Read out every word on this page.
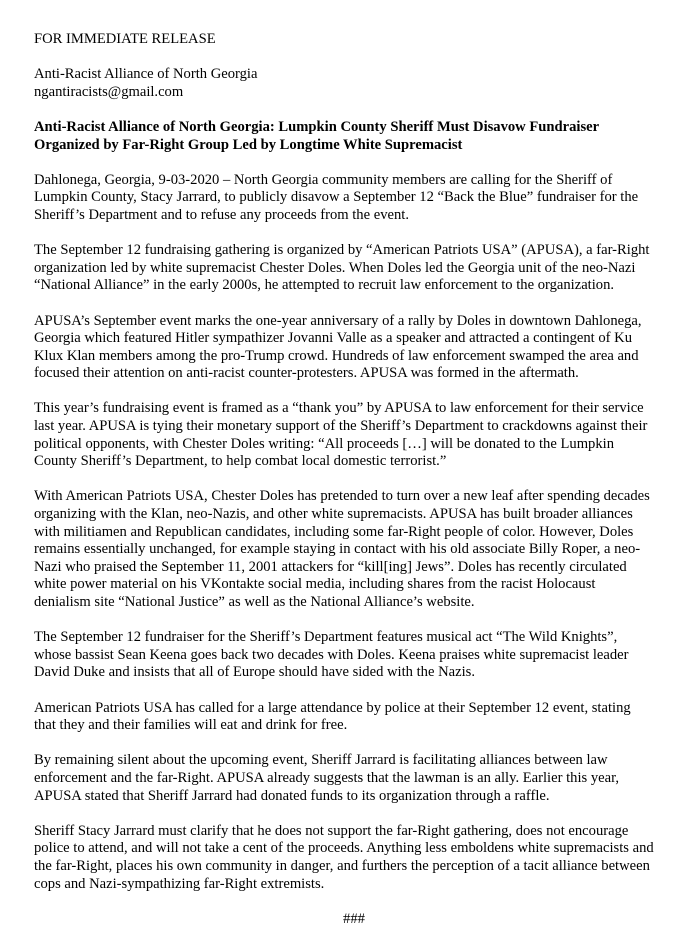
FOR IMMEDIATE RELEASE

Anti-Racist Alliance of North Georgia

ngantiracists@gmail.com

Anti-Racist Alliance of North Georgia: Lumpkin County Sheriff Must Disavow Fundraiser
Organized by Far-Right Group Led by Longtime White Supremacist

Dahlonega, Georgia, 9-03-2020 – North Georgia community members are calling for the Sheriff of
Lumpkin County, Stacy Jarrard, to publicly disavow a September 12 “Back the Blue” fundraiser for the
Sheriff’s Department and to refuse any proceeds from the event.

The September 12 fundraising gathering is organized by “American Patriots USA” (APUSA), a far-Right
organization led by white supremacist Chester Doles. When Doles led the Georgia unit of the neo-Nazi
“National Alliance” in the early 2000s, he attempted to recruit law enforcement to the organization.

APUSA’s September event marks the one-year anniversary of a rally by Doles in downtown Dahlonega,
Georgia which featured Hitler sympathizer Jovanni Valle as a speaker and attracted a contingent of Ku
Klux Klan members among the pro-Trump crowd. Hundreds of law enforcement swamped the area and
focused their attention on anti-racist counter-protesters. APUSA was formed in the aftermath.

This year’s fundraising event is framed as a “thank you” by APUSA to law enforcement for their service
last year. APUSA is tying their monetary support of the Sheriff’s Department to crackdowns against their
political opponents, with Chester Doles writing: “All proceeds […] will be donated to the Lumpkin
County Sheriff’s Department, to help combat local domestic terrorist.”

With American Patriots USA, Chester Doles has pretended to turn over a new leaf after spending decades
organizing with the Klan, neo-Nazis, and other white supremacists. APUSA has built broader alliances
with militiamen and Republican candidates, including some far-Right people of color. However, Doles
remains essentially unchanged, for example staying in contact with his old associate Billy Roper, a neo-
Nazi who praised the September 11, 2001 attackers for “kill[ing] Jews”. Doles has recently circulated
white power material on his VKontakte social media, including shares from the racist Holocaust
denialism site “National Justice” as well as the National Alliance’s website.

The September 12 fundraiser for the Sheriff’s Department features musical act “The Wild Knights”,
whose bassist Sean Keena goes back two decades with Doles. Keena praises white supremacist leader
David Duke and insists that all of Europe should have sided with the Nazis.

American Patriots USA has called for a large attendance by police at their September 12 event, stating
that they and their families will eat and drink for free.

By remaining silent about the upcoming event, Sheriff Jarrard is facilitating alliances between law
enforcement and the far-Right. APUSA already suggests that the lawman is an ally. Earlier this year,
APUSA stated that Sheriff Jarrard had donated funds to its organization through a raffle.

Sheriff Stacy Jarrard must clarify that he does not support the far-Right gathering, does not encourage
police to attend, and will not take a cent of the proceeds. Anything less emboldens white supremacists and
the far-Right, places his own community in danger, and furthers the perception of a tacit alliance between
cops and Nazi-sympathizing far-Right extremists.

###
